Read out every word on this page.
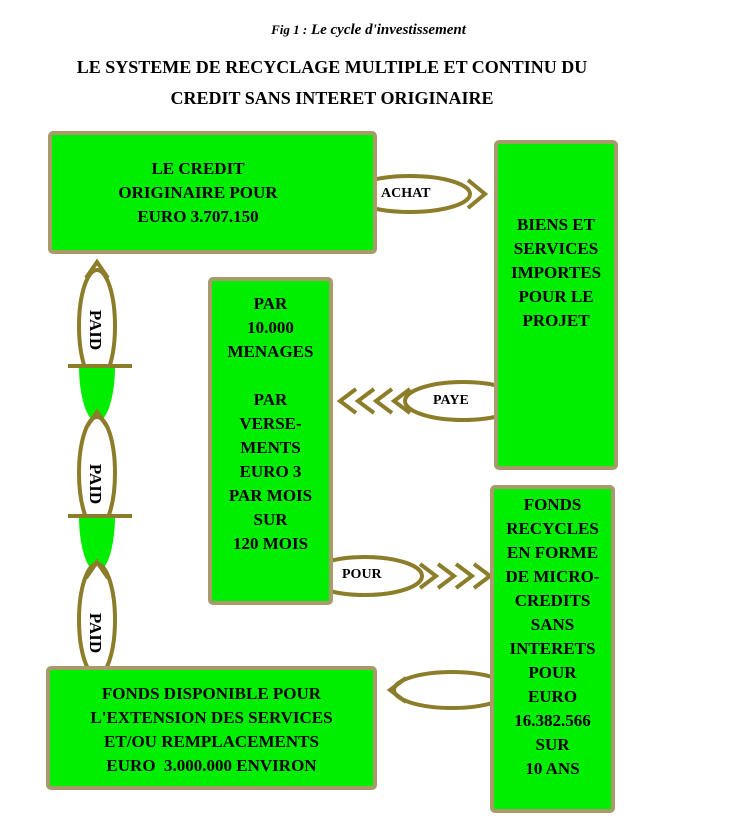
Fig 1 : Le cycle d'investissement
LE SYSTEME DE RECYCLAGE MULTIPLE ET CONTINU DU
CREDIT SANS INTERET ORIGINAIRE
LE CREDIT
ORIGINAIRE POUR
EURO 3.707.150	BIENS ET
SERVICES
IMPORTES
POUR LE
PROJET
PAR
10.000
MENAGES

PAR
VERSE-
MENTS
EURO 3
PAR MOIS
SUR
120 MOIS
FONDS
RECYCLES
EN FORME
DE MICRO-
CREDITS
SANS
INTERETS
POUR
EURO
16.382.566
SUR
10 ANS
FONDS DISPONIBLE POUR
L'EXTENSION DES SERVICES
ET/OU REMPLACEMENTS
EURO  3.000.000 ENVIRON
ACHAT
PAYE
POUR
PAID
PAID
PAID
